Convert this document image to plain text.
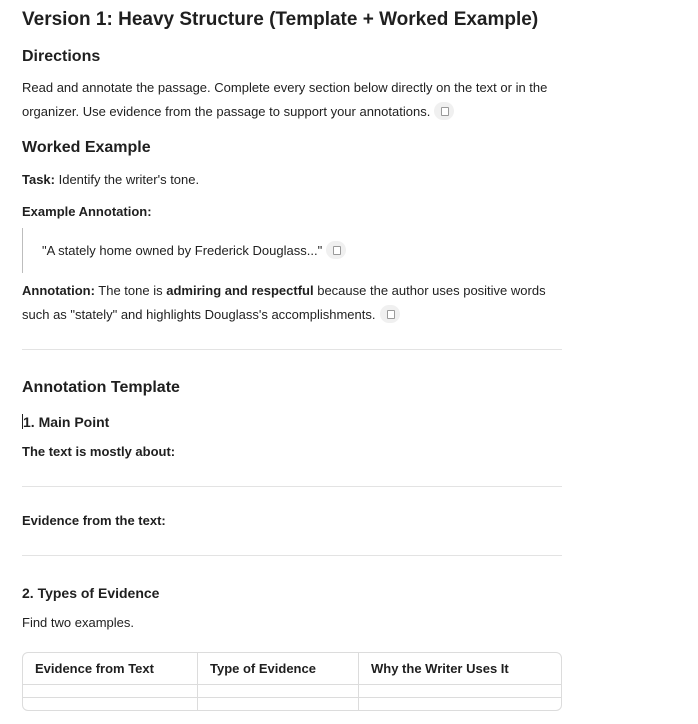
Version 1: Heavy Structure (Template + Worked Example)
Directions
Read and annotate the passage. Complete every section below directly on the text or in the organizer. Use evidence from the passage to support your annotations.
Worked Example
Task: Identify the writer's tone.
Example Annotation:
"A stately home owned by Frederick Douglass..."
Annotation: The tone is admiring and respectful because the author uses positive words such as "stately" and highlights Douglass's accomplishments.
Annotation Template
1. Main Point
The text is mostly about:
Evidence from the text:
2. Types of Evidence
Find two examples.
Evidence from Text	Type of Evidence	Why the Writer Uses It
